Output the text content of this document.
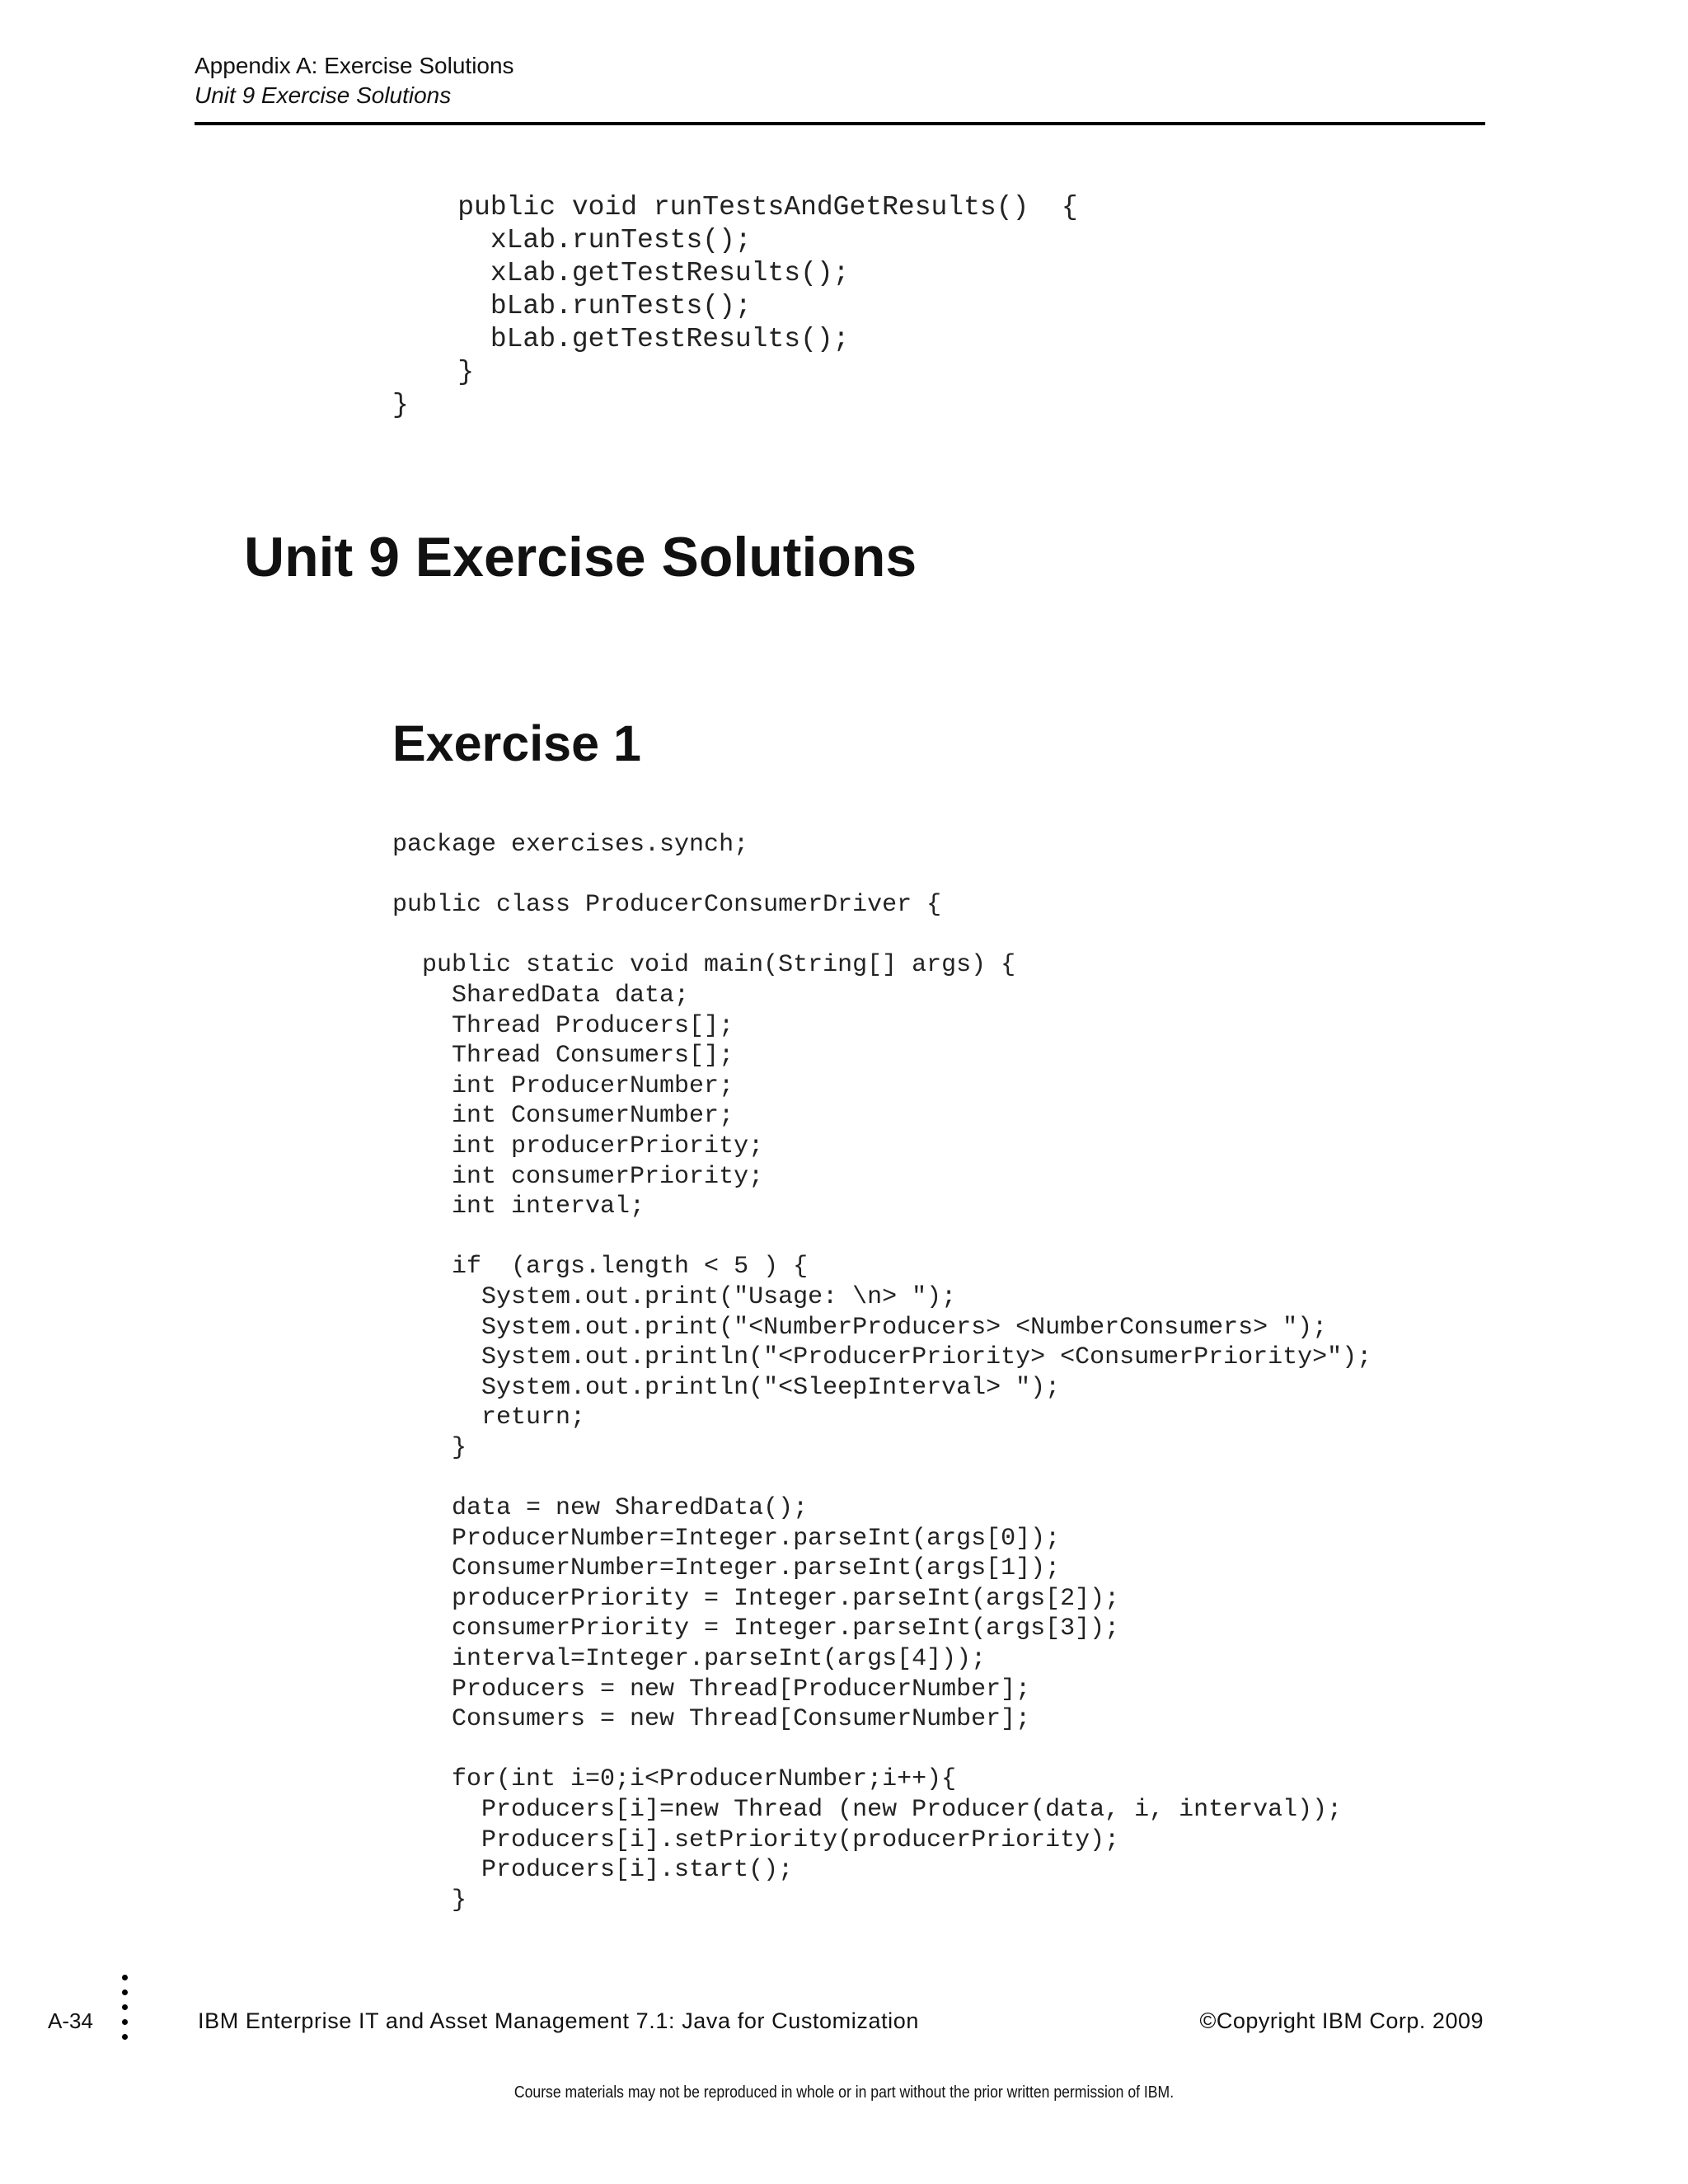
Appendix A: Exercise Solutions
Unit 9 Exercise Solutions
public void runTestsAndGetResults()  {
xLab.runTests();
xLab.getTestResults();
bLab.runTests();
bLab.getTestResults();
}
}
Unit 9 Exercise Solutions
Exercise 1
package exercises.synch;

public class ProducerConsumerDriver {

public static void main(String[] args) {
SharedData data;
Thread Producers[];
Thread Consumers[];
int ProducerNumber;
int ConsumerNumber;
int producerPriority;
int consumerPriority;
int interval;

if  (args.length < 5 ) {
System.out.print("Usage: \n> ");
System.out.print("<NumberProducers> <NumberConsumers> ");
System.out.println("<ProducerPriority> <ConsumerPriority>");
System.out.println("<SleepInterval> ");
return;
}

data = new SharedData();
ProducerNumber=Integer.parseInt(args[0]);
ConsumerNumber=Integer.parseInt(args[1]);
producerPriority = Integer.parseInt(args[2]);
consumerPriority = Integer.parseInt(args[3]);
interval=Integer.parseInt(args[4]));
Producers = new Thread[ProducerNumber];
Consumers = new Thread[ConsumerNumber];

for(int i=0;i<ProducerNumber;i++){
Producers[i]=new Thread (new Producer(data, i, interval));
Producers[i].setPriority(producerPriority);
Producers[i].start();
}
A-34	IBM Enterprise IT and Asset Management 7.1: Java for Customization	©Copyright IBM Corp. 2009
Course materials may not be reproduced in whole or in part without the prior written permission of IBM.
